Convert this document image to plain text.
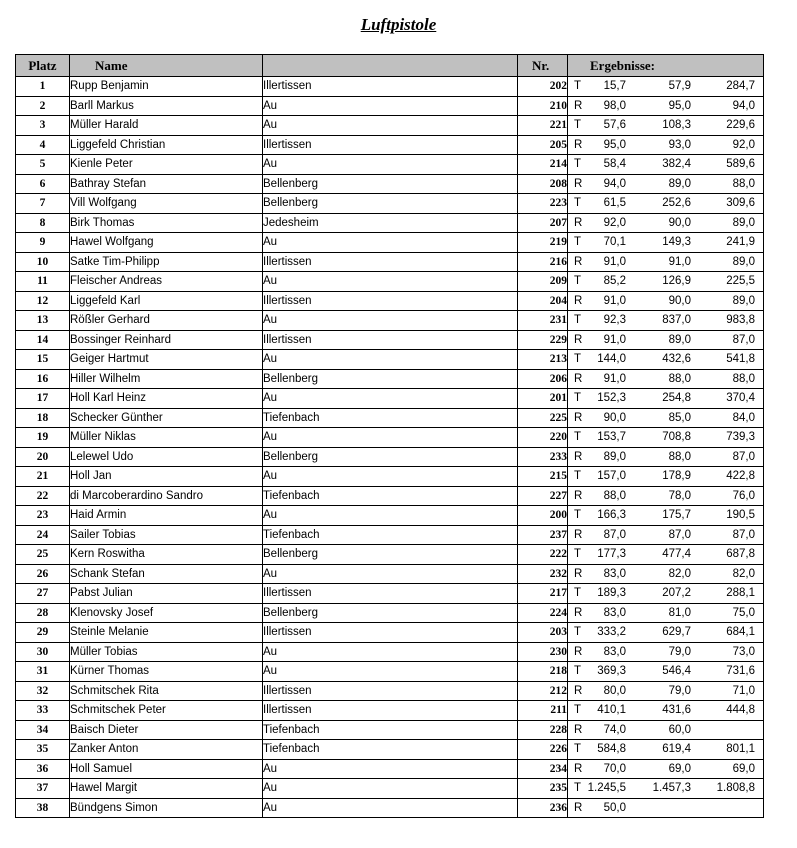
Luftpistole
Platz	Name		Nr.	Ergebnisse:
1	Rupp Benjamin	Illertissen	202	T 15,7 57,9 284,7

2	Barll Markus	Au	210	R 98,0 95,0 94,0

3	Müller Harald	Au	221	T 57,6 108,3 229,6

4	Liggefeld Christian	Illertissen	205	R 95,0 93,0 92,0

5	Kienle Peter	Au	214	T 58,4 382,4 589,6

6	Bathray Stefan	Bellenberg	208	R 94,0 89,0 88,0

7	Vill Wolfgang	Bellenberg	223	T 61,5 252,6 309,6

8	Birk Thomas	Jedesheim	207	R 92,0 90,0 89,0

9	Hawel Wolfgang	Au	219	T 70,1 149,3 241,9

10	Satke Tim-Philipp	Illertissen	216	R 91,0 91,0 89,0

11	Fleischer Andreas	Au	209	T 85,2 126,9 225,5

12	Liggefeld Karl	Illertissen	204	R 91,0 90,0 89,0

13	Rößler Gerhard	Au	231	T 92,3 837,0 983,8

14	Bossinger Reinhard	Illertissen	229	R 91,0 89,0 87,0

15	Geiger Hartmut	Au	213	T 144,0 432,6 541,8

16	Hiller Wilhelm	Bellenberg	206	R 91,0 88,0 88,0

17	Holl Karl Heinz	Au	201	T 152,3 254,8 370,4

18	Schecker Günther	Tiefenbach	225	R 90,0 85,0 84,0

19	Müller Niklas	Au	220	T 153,7 708,8 739,3

20	Lelewel Udo	Bellenberg	233	R 89,0 88,0 87,0

21	Holl Jan	Au	215	T 157,0 178,9 422,8

22	di Marcoberardino Sandro	Tiefenbach	227	R 88,0 78,0 76,0

23	Haid Armin	Au	200	T 166,3 175,7 190,5

24	Sailer Tobias	Tiefenbach	237	R 87,0 87,0 87,0

25	Kern Roswitha	Bellenberg	222	T 177,3 477,4 687,8

26	Schank Stefan	Au	232	R 83,0 82,0 82,0

27	Pabst Julian	Illertissen	217	T 189,3 207,2 288,1

28	Klenovsky Josef	Bellenberg	224	R 83,0 81,0 75,0

29	Steinle Melanie	Illertissen	203	T 333,2 629,7 684,1

30	Müller Tobias	Au	230	R 83,0 79,0 73,0

31	Kürner Thomas	Au	218	T 369,3 546,4 731,6

32	Schmitschek Rita	Illertissen	212	R 80,0 79,0 71,0

33	Schmitschek Peter	Illertissen	211	T 410,1 431,6 444,8

34	Baisch Dieter	Tiefenbach	228	R 74,0 60,0

35	Zanker Anton	Tiefenbach	226	T 584,8 619,4 801,1

36	Holl Samuel	Au	234	R 70,0 69,0 69,0

37	Hawel Margit	Au	235	T 1.245,5 1.457,3 1.808,8

38	Bündgens Simon	Au	236	R 50,0
